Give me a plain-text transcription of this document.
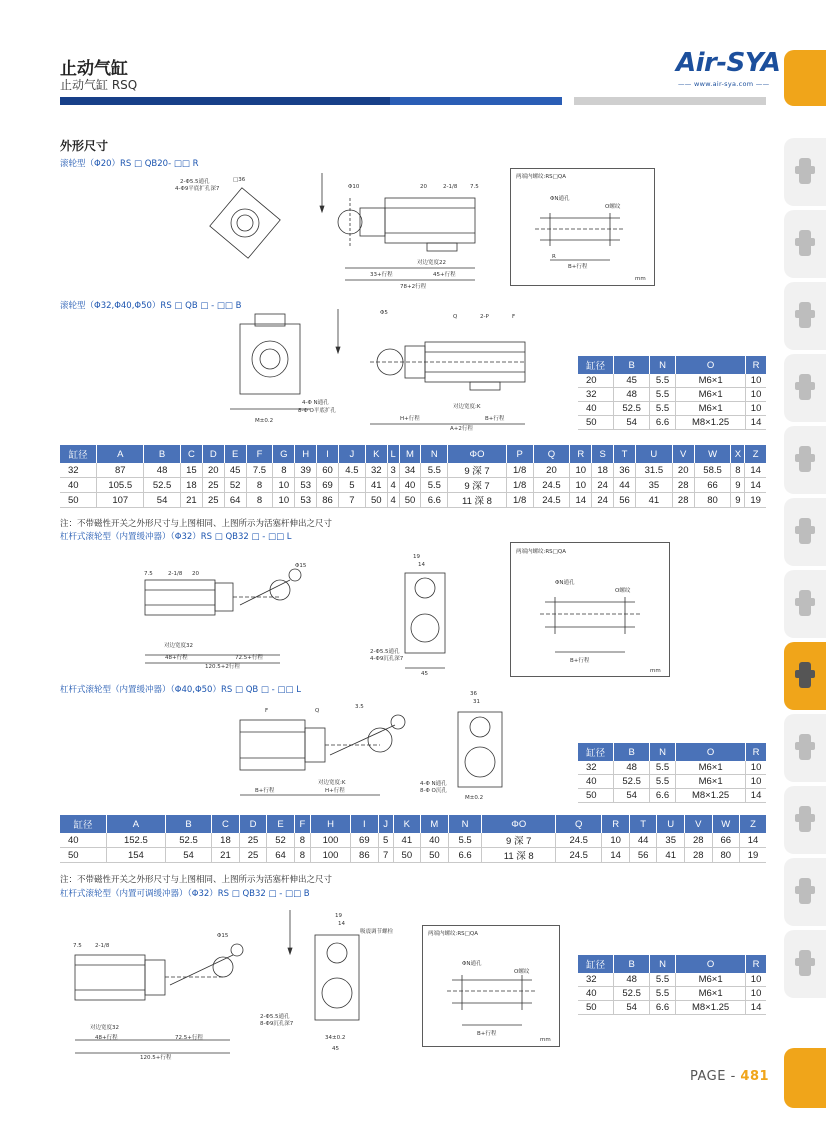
止动气缸
止动气缸 RSQ
Air-SYA
—— www.air-sya.com ——
外形尺寸
滚轮型（Φ20）RS □ QB20- □□ R
滚轮型（Φ32,Φ40,Φ50）RS □ QB □ - □□ B
杠杆式滚轮型（内置缓冲器）（Φ32）RS □ QB32 □ - □□ L
杠杆式滚轮型（内置缓冲器）（Φ40,Φ50）RS □ QB □ - □□ L
杠杆式滚轮型（内置可调缓冲器）（Φ32）RS □ QB32 □ - □□ B
注：不带磁性开关之外形尺寸与上图相同、上图所示为活塞杆伸出之尺寸
注：不带磁性开关之外形尺寸与上图相同、上图所示为活塞杆伸出之尺寸
□36
2-Φ5.5通孔
4-Φ9平底扩孔深7	Φ10	20	2-1/8 7.5
对边宽度22
33+行程	45+行程
78+2行程
两端内螺纹:RS□QA
ΦN通孔
O螺纹
R
B+行程
mm
Φ5
Q	2-P	F
4-Φ N通孔
8-Φ O平底扩孔
M±0.2	H+行程	B+行程
A+2行程
对边宽度:K
缸径	B	N	O	R
20	45	5.5	M6×1	10
32	48	5.5	M6×1	10
40	52.5	5.5	M6×1	10
50	54	6.6	M8×1.25	14
缸径	A	B	C	D	E	F	G	H	I	J	K	L	M	N	ΦO	P	Q	R	S	T	U	V	W	X	Z
32	87	48	15	20	45	7.5	8	39	60	4.5	32	3	34	5.5	9 深 7	1/8	20	10	18	36	31.5	20	58.5	8	14
40	105.5	52.5	18	25	52	8	10	53	69	5	41	4	40	5.5	9 深 7	1/8	24.5	10	24	44	35	28	66	9	14
50	107	54	21	25	64	8	10	53	86	7	50	4	50	6.6	11 深 8	1/8	24.5	14	24	56	41	28	80	9	19
7.5	2-1/8 20
Φ15
对边宽度32
48+行程	72.5+行程
120.5+2行程
19
14
2-Φ5.5通孔
4-Φ9沉孔深7
45
两端内螺纹:RS□QA
ΦN通孔
O螺纹
B+行程
mm
F	Q
3.5
对边宽度:K
B+行程	H+行程
36
31
4-Φ N通孔
8-Φ O沉孔
M±0.2
缸径	B	N	O	R
32	48	5.5	M6×1	10
40	52.5	5.5	M6×1	10
50	54	6.6	M8×1.25	14
缸径	A	B	C	D	E	F	H	I	J	K	M	N	ΦO	Q	R	T	U	V	W	Z
40	152.5	52.5	18	25	52	8	100	69	5	41	40	5.5	9 深 7	24.5	10	44	35	28	66	14
50	154	54	21	25	64	8	100	86	7	50	50	6.6	11 深 8	24.5	14	56	41	28	80	19
7.5 2-1/8
Φ15
对边宽度32
48+行程	72.5+行程
120.5+行程
19
14
吸震调节螺栓
2-Φ5.5通孔
8-Φ9沉孔深7
34±0.2
45
两端内螺纹:RS□QA
ΦN通孔
O螺纹
B+行程
mm
缸径	B	N	O	R
32	48	5.5	M6×1	10
40	52.5	5.5	M6×1	10
50	54	6.6	M8×1.25	14
PAGE - 481
